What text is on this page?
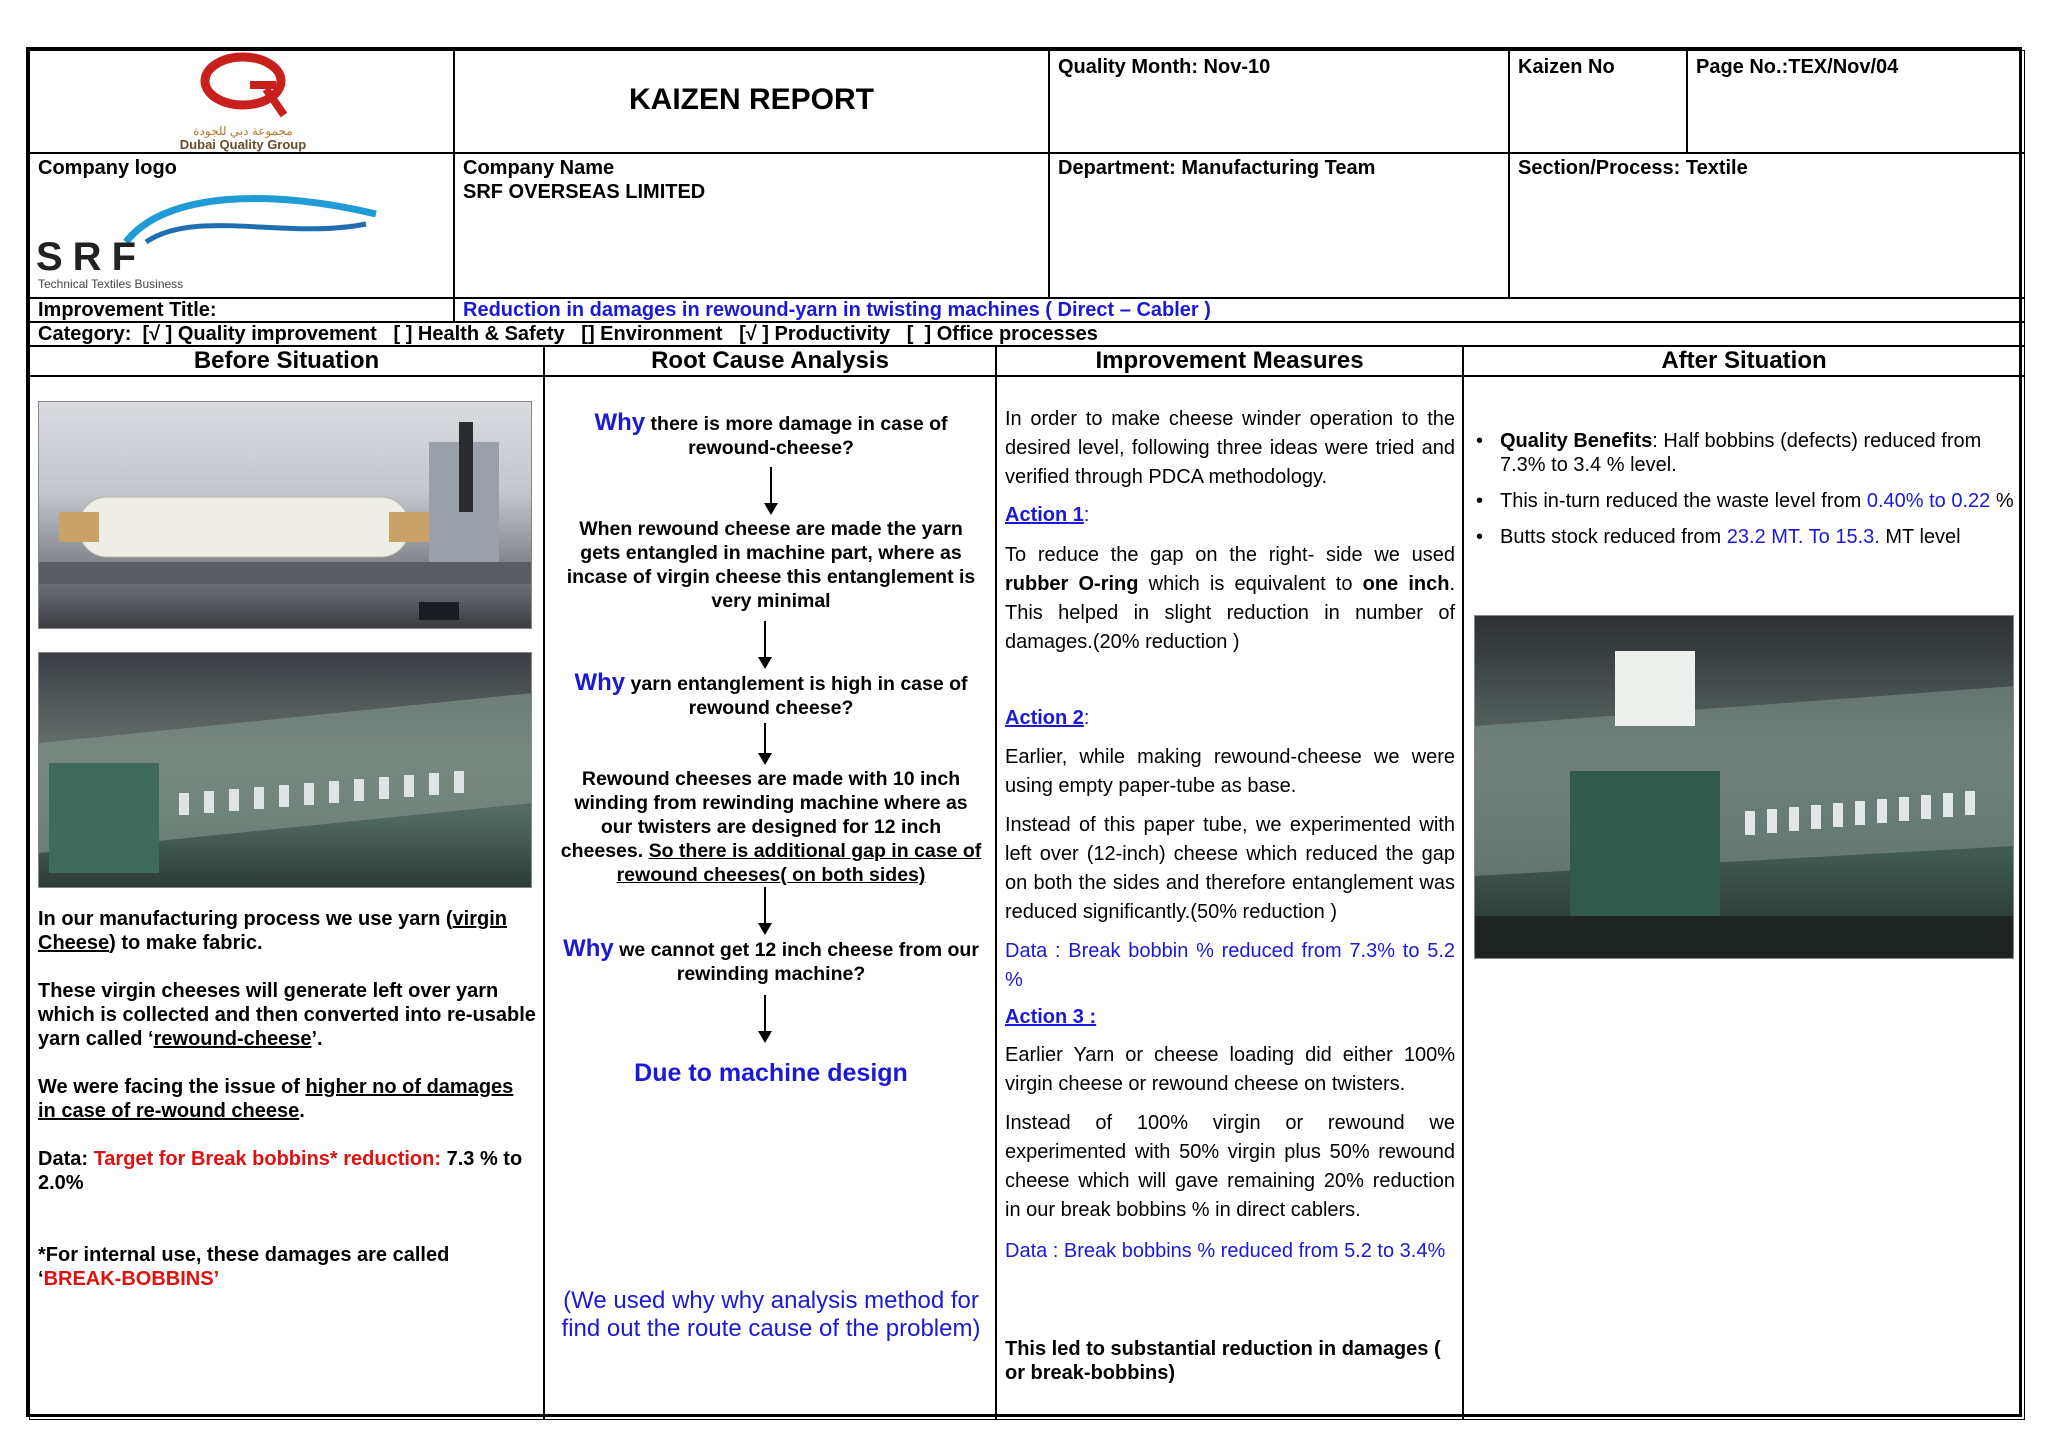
مجموعة دبي للجودة
Dubai Quality Group
KAIZEN REPORT
Quality Month: Nov-10	Kaizen No	Page No.:TEX/Nov/04
Company logo
SRF
Technical Textiles Business
Company Name
SRF OVERSEAS LIMITED
Department: Manufacturing Team	Section/Process: Textile
Improvement Title:	Reduction in damages in rewound-yarn in twisting machines ( Direct – Cabler )
Category:  [√ ] Quality improvement   [ ] Health & Safety   [] Environment   [√ ] Productivity   [  ] Office processes
Before Situation	Root Cause Analysis	Improvement Measures	After Situation
In our manufacturing process we use yarn (virgin Cheese) to make fabric.
These virgin cheeses will generate left over yarn which is collected and then converted into re-usable yarn called ‘rewound-cheese’.
We were facing the issue of higher no of damages in case of re-wound cheese.
Data: Target for Break bobbins* reduction: 7.3 % to 2.0%
*For internal use, these damages are called ‘BREAK-BOBBINS’
Why there is more damage in case of rewound-cheese?
When rewound cheese are made the yarn gets entangled in machine part, where as incase of virgin cheese this entanglement is very minimal
Why yarn entanglement is high in case of rewound cheese?
Rewound cheeses are made with 10 inch winding from rewinding machine where as our twisters are designed for 12 inch cheeses. So there is additional gap in case of rewound cheeses( on both sides)
Why we cannot get 12 inch cheese from our rewinding machine?
Due to machine design
(We used why why analysis method for find out the route cause of the problem)
In order to make cheese winder operation to the desired level, following three ideas were tried and verified through PDCA methodology.
Action 1:
To reduce the gap on the right- side we used rubber O-ring which is equivalent to one inch. This helped in slight reduction in number of damages.(20% reduction )
Action 2:
Earlier, while making rewound-cheese we were using empty paper-tube as base.
Instead of this paper tube, we experimented with left over (12-inch) cheese which reduced the gap on both the sides and therefore entanglement was reduced significantly.(50% reduction )
Data : Break bobbin % reduced from 7.3% to 5.2 %
Action 3 :
Earlier Yarn or cheese loading did either 100% virgin cheese or rewound cheese on twisters.
Instead of 100% virgin or rewound we experimented with 50% virgin plus 50% rewound cheese which will gave remaining 20% reduction in our break bobbins % in direct cablers.
Data : Break bobbins % reduced from 5.2 to 3.4%
This led to substantial reduction in damages ( or break-bobbins)
• Quality Benefits: Half bobbins (defects) reduced from 7.3% to 3.4 % level.
• This in-turn reduced the waste level from 0.40% to 0.22 %
• Butts stock reduced from 23.2 MT. To 15.3. MT level
